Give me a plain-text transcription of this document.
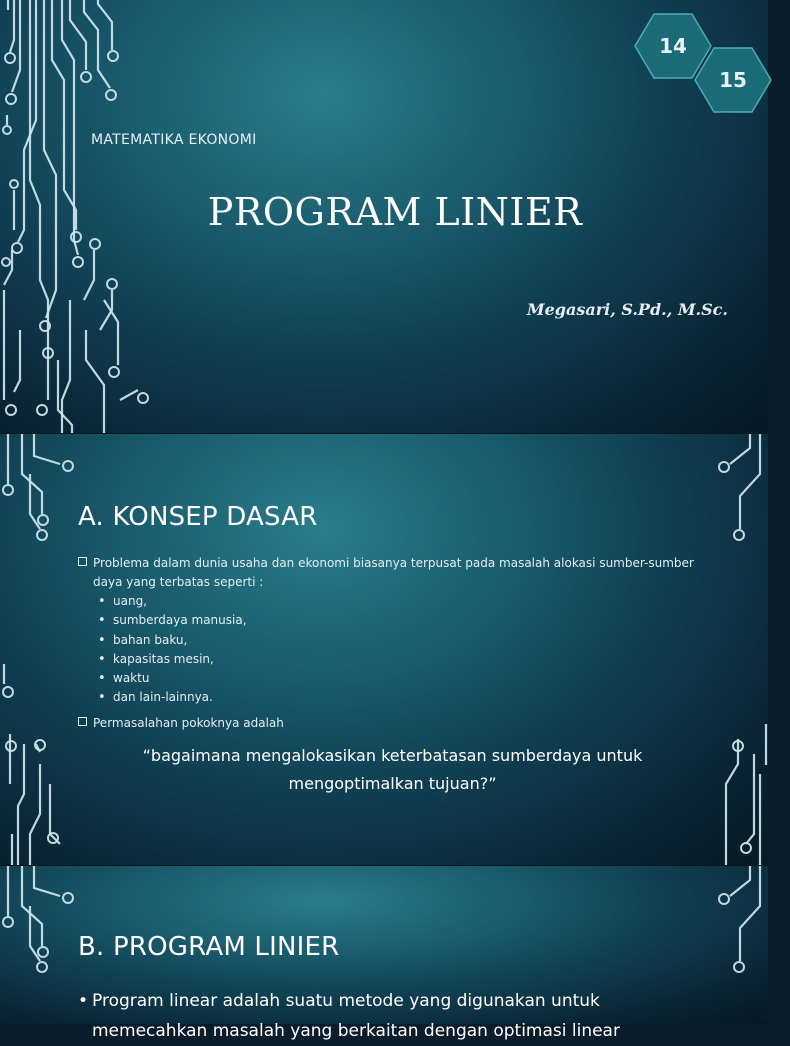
14
15
MATEMATIKA EKONOMI
PROGRAM LINIER
Megasari, S.Pd., M.Sc.
A. KONSEP DASAR
Problema dalam dunia usaha dan ekonomi biasanya terpusat pada masalah alokasi sumber-sumber daya yang terbatas seperti :
• uang,
• sumberdaya manusia,
• bahan baku,
• kapasitas mesin,
• waktu
• dan lain-lainnya.
Permasalahan pokoknya adalah
“bagaimana mengalokasikan keterbatasan sumberdaya untuk mengoptimalkan tujuan?”
B. PROGRAM LINIER
• Program linear adalah suatu metode yang digunakan untuk memecahkan masalah yang berkaitan dengan optimasi linear
